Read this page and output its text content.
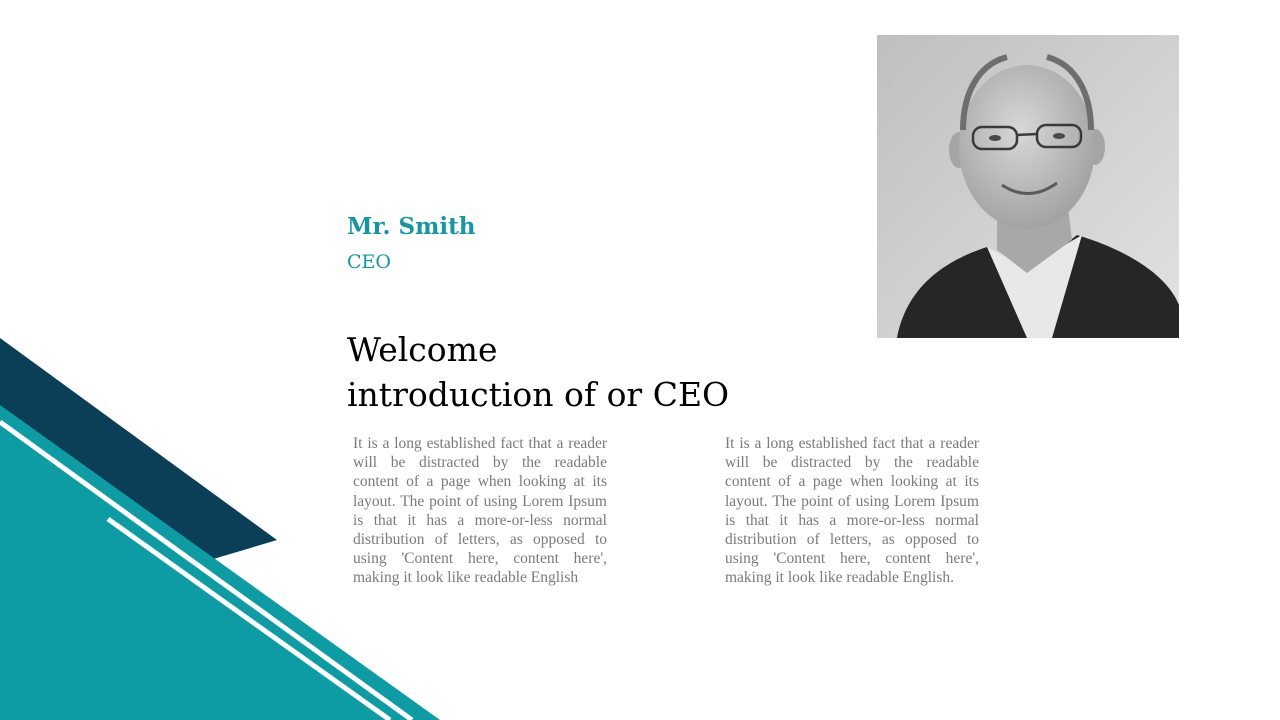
Mr. Smith
CEO
Welcome
introduction of or CEO

It is a long established fact that a reader will be distracted by the readable content of a page when looking at its layout. The point of using Lorem Ipsum is that it has a more-or-less normal distribution of letters, as opposed to using 'Content here, content here', making it look like readable English

It is a long established fact that a reader will be distracted by the readable content of a page when looking at its layout. The point of using Lorem Ipsum is that it has a more-or-less normal distribution of letters, as opposed to using 'Content here, content here', making it look like readable English.
